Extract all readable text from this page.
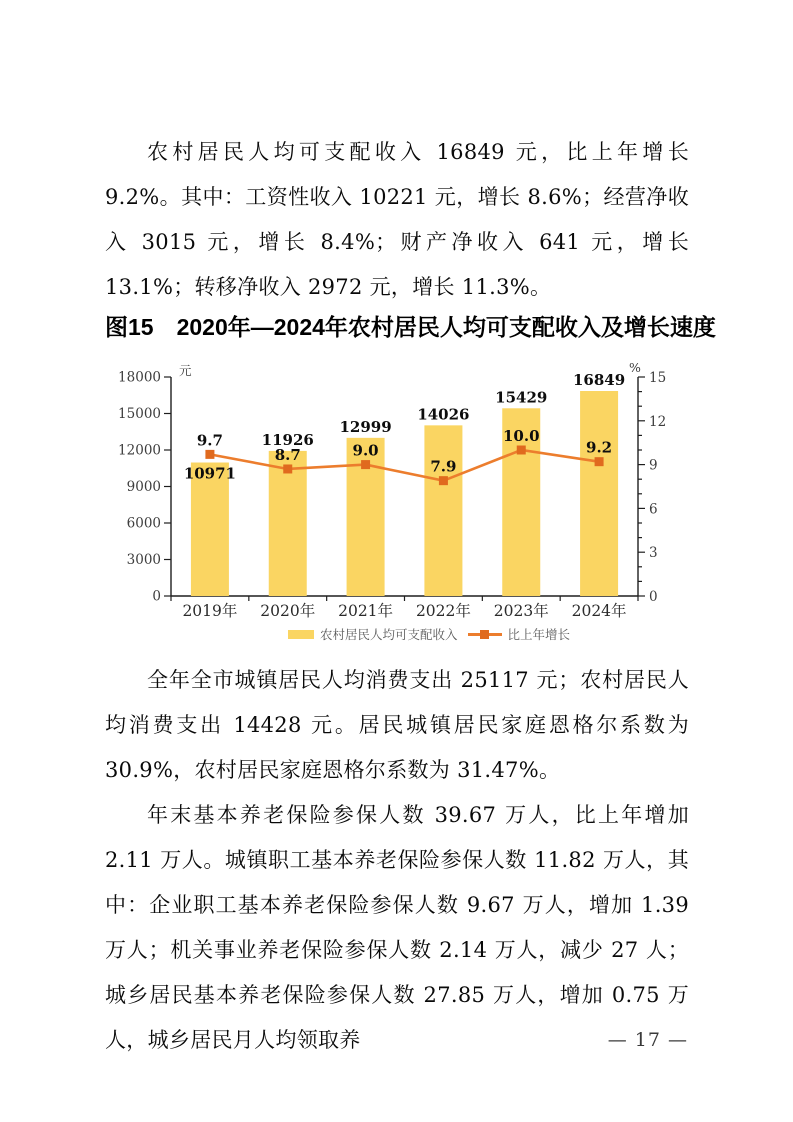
农村居民人均可支配收入 16849 元，比上年增长 9.2%。其中：工资性收入 10221 元，增长 8.6%；经营净收入 3015 元，增长 8.4%；财产净收入 641 元，增长 13.1%；转移净收入 2972 元，增长 11.3%。

图15　2020年—2024年农村居民人均可支配收入及增长速度
0
3000
6000
9000
12000
15000
18000 元
0
3
6
9
12
15
%
2019年 2020年 2021年 2022年 2023年 2024年
10971
11926
12999
14026
15429
16849
9.7
8.7	9.0
7.9
10.0
9.2
农村居民人均可支配收入	比上年增长

全年全市城镇居民人均消费支出 25117 元；农村居民人均消费支出 14428 元。居民城镇居民家庭恩格尔系数为 30.9%，农村居民家庭恩格尔系数为 31.47%。

年末基本养老保险参保人数 39.67 万人，比上年增加 2.11 万人。城镇职工基本养老保险参保人数 11.82 万人，其中：企业职工基本养老保险参保人数 9.67 万人，增加 1.39 万人；机关事业养老保险参保人数 2.14 万人，减少 27 人；城乡居民基本养老保险参保人数 27.85 万人，增加 0.75 万人，城乡居民月人均领取养	— 17 —
